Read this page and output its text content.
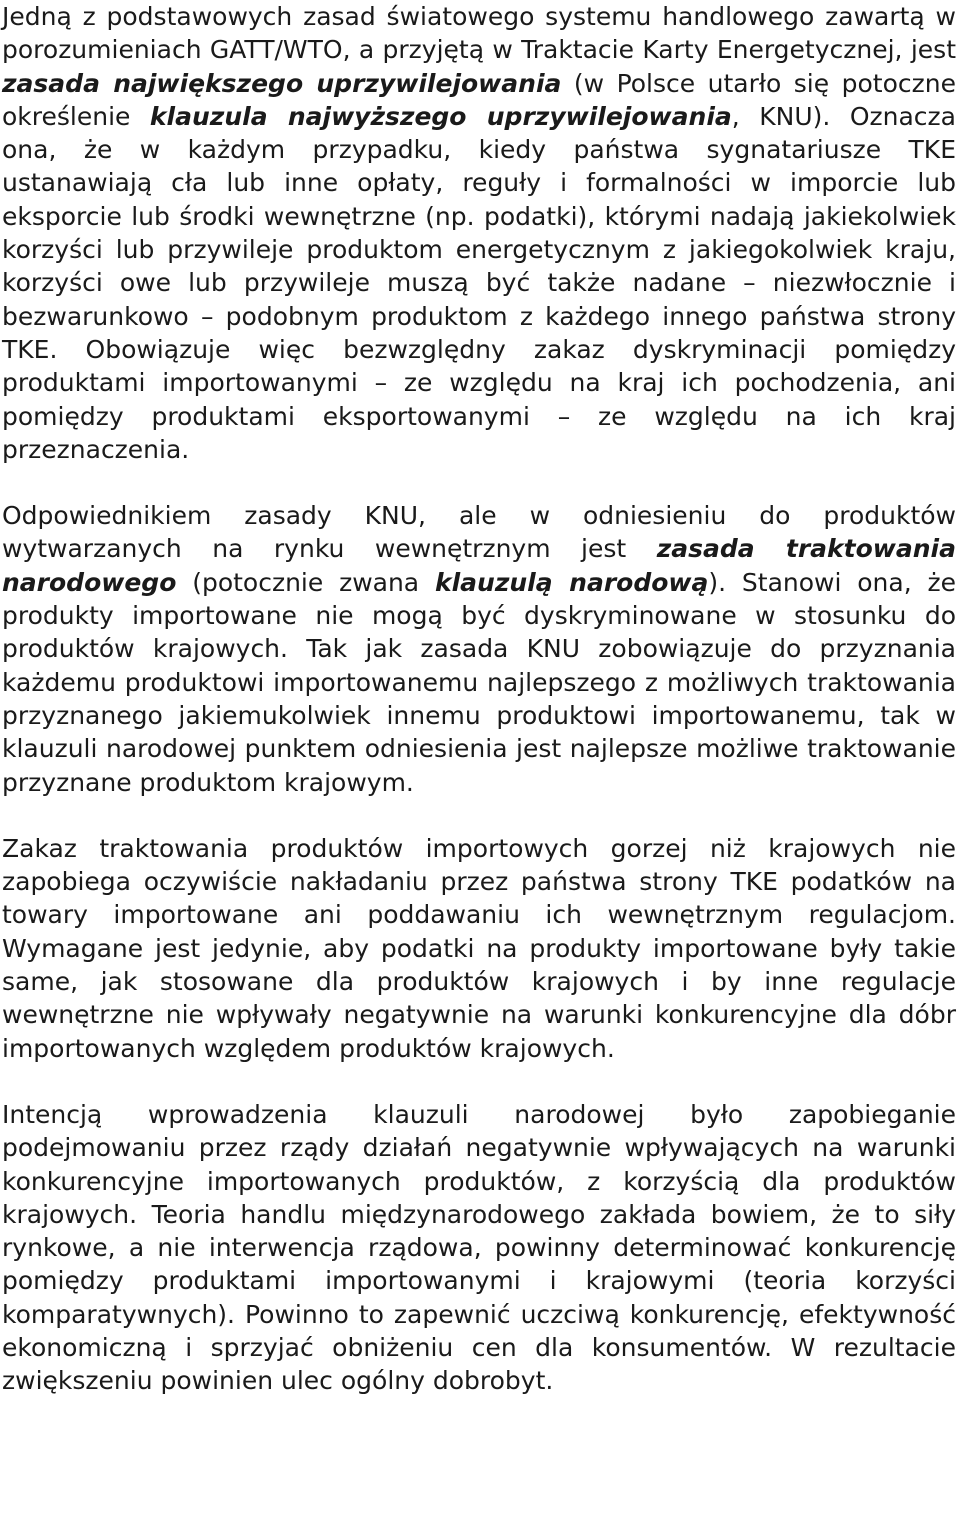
Jedną z podstawowych zasad światowego systemu handlowego zawartą w porozumieniach GATT/WTO, a przyjętą w Traktacie Karty Energetycznej, jest zasada największego uprzywilejowania (w Polsce utarło się potoczne określenie klauzula najwyższego uprzywilejowania, KNU). Oznacza ona, że w każdym przypadku, kiedy państwa sygnatariusze TKE ustanawiają cła lub inne opłaty, reguły i formalności w imporcie lub eksporcie lub środki wewnętrzne (np. podatki), którymi nadają jakiekolwiek korzyści lub przywileje produktom energetycznym z jakiegokolwiek kraju, korzyści owe lub przywileje muszą być także nadane – niezwłocznie i bezwarunkowo – podobnym produktom z każdego innego państwa strony TKE. Obowiązuje więc bezwzględny zakaz dyskryminacji pomiędzy produktami importowanymi – ze względu na kraj ich pochodzenia, ani pomiędzy produktami eksportowanymi – ze względu na ich kraj przeznaczenia.

Odpowiednikiem zasady KNU, ale w odniesieniu do produktów wytwarzanych na rynku wewnętrznym jest zasada traktowania narodowego (potocznie zwana klauzulą narodową). Stanowi ona, że produkty importowane nie mogą być dyskryminowane w stosunku do produktów krajowych. Tak jak zasada KNU zobowiązuje do przyznania każdemu produktowi importowanemu najlepszego z możliwych traktowania przyznanego jakiemukolwiek innemu produktowi importowanemu, tak w klauzuli narodowej punktem odniesienia jest najlepsze możliwe traktowanie przyznane produktom krajowym.

Zakaz traktowania produktów importowych gorzej niż krajowych nie zapobiega oczywiście nakładaniu przez państwa strony TKE podatków na towary importowane ani poddawaniu ich wewnętrznym regulacjom. Wymagane jest jedynie, aby podatki na produkty importowane były takie same, jak stosowane dla produktów krajowych i by inne regulacje wewnętrzne nie wpływały negatywnie na warunki konkurencyjne dla dóbr importowanych względem produktów krajowych.

Intencją wprowadzenia klauzuli narodowej było zapobieganie podejmowaniu przez rządy działań negatywnie wpływających na warunki konkurencyjne importowanych produktów, z korzyścią dla produktów krajowych. Teoria handlu międzynarodowego zakłada bowiem, że to siły rynkowe, a nie interwencja rządowa, powinny determinować konkurencję pomiędzy produktami importowanymi i krajowymi (teoria korzyści komparatywnych). Powinno to zapewnić uczciwą konkurencję, efektywność ekonomiczną i sprzyjać obniżeniu cen dla konsumentów. W rezultacie zwiększeniu powinien ulec ogólny dobrobyt.
